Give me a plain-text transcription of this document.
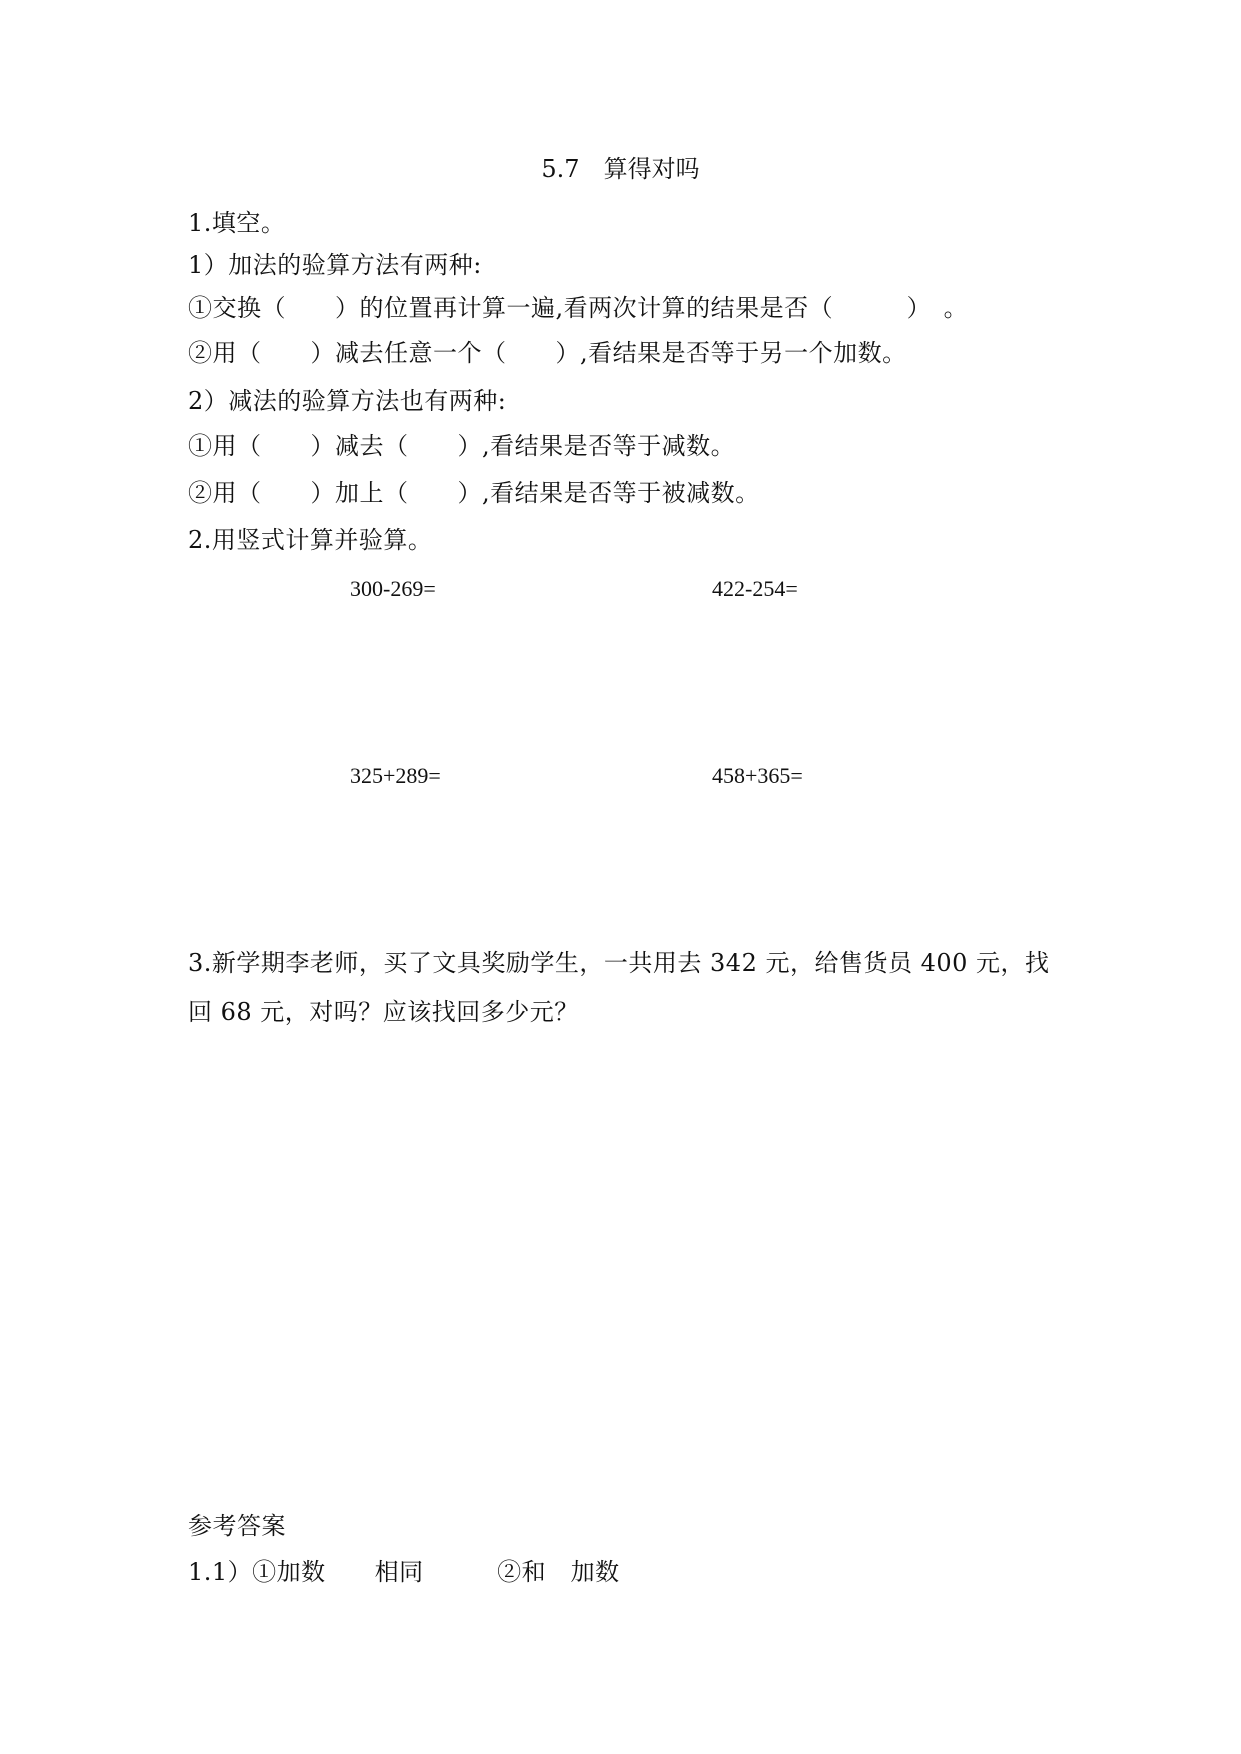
5.7　算得对吗
1.填空。
1）加法的验算方法有两种:
①交换（　　）的位置再计算一遍,看两次计算的结果是否（　　　）　。
②用（　　）减去任意一个（　　）,看结果是否等于另一个加数。
2）减法的验算方法也有两种:
①用（　　）减去（　　）,看结果是否等于减数。
②用（　　）加上（　　）,看结果是否等于被减数。
2.用竖式计算并验算。
300-269=	422-254=
325+289=	458+365=
3.新学期李老师，买了文具奖励学生，一共用去 342 元，给售货员 400 元，找
回 68 元，对吗？应该找回多少元？
参考答案
1.1）①加数　　相同　　　②和　加数
